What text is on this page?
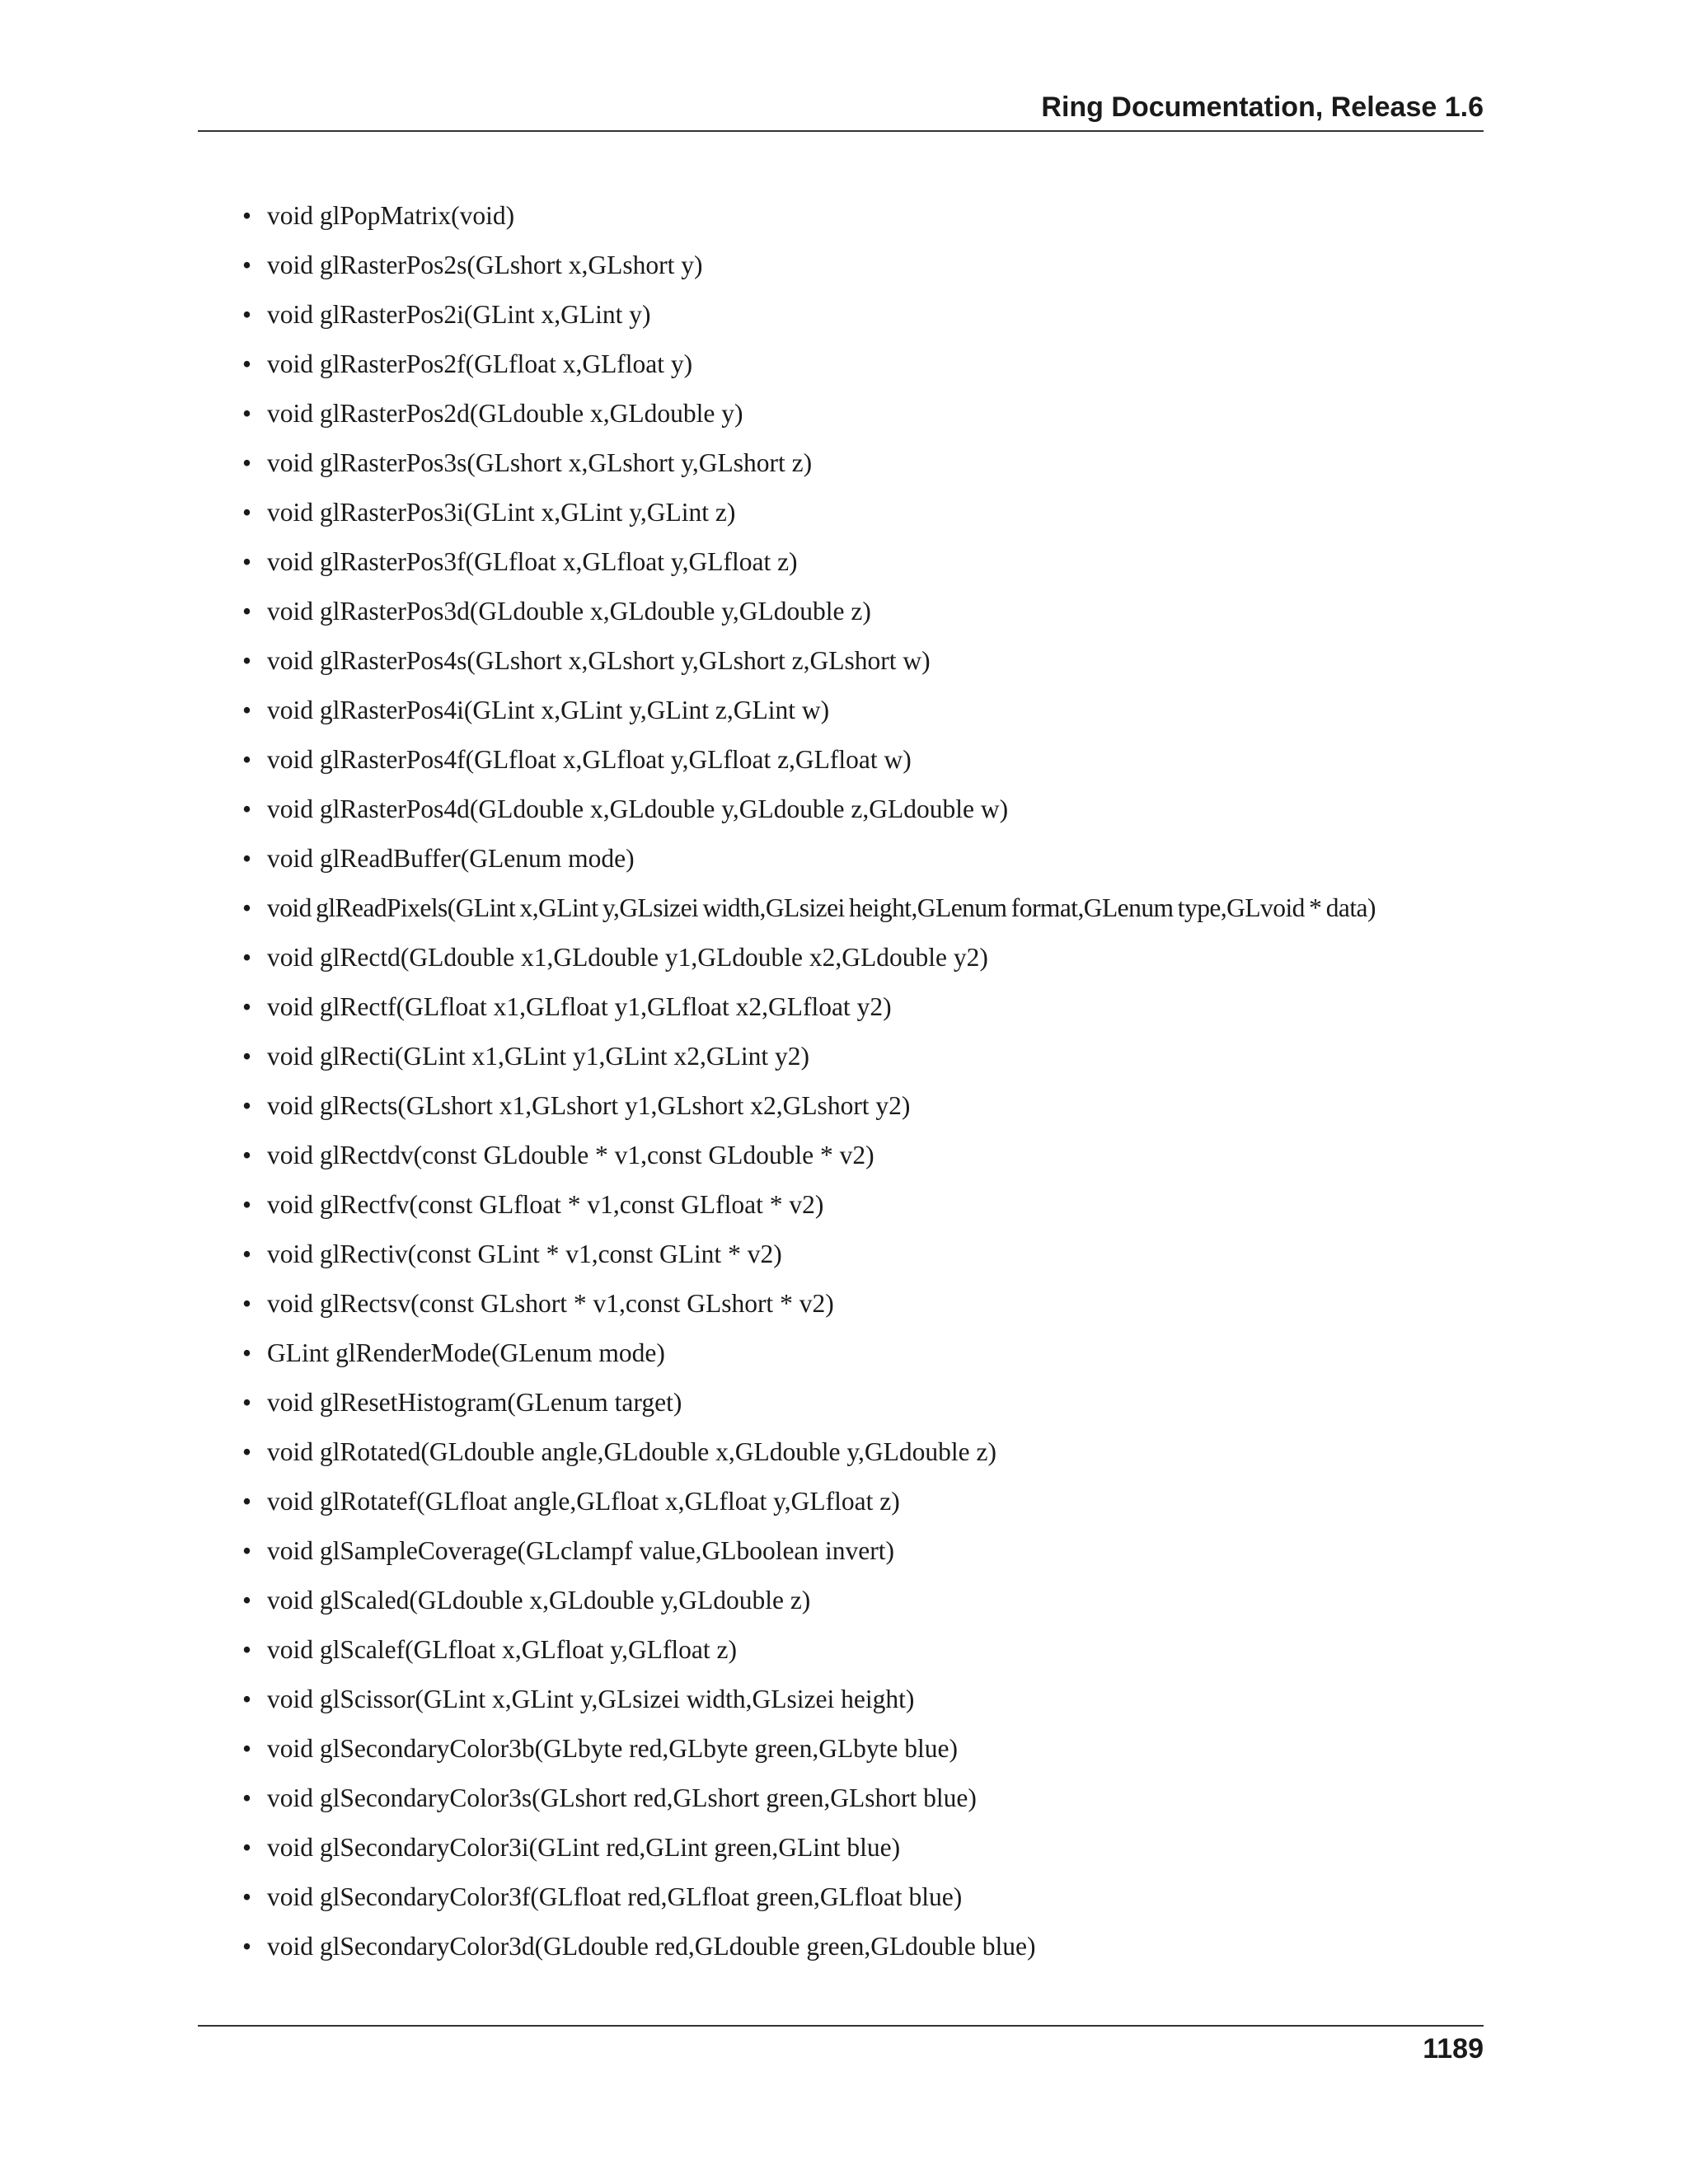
Ring Documentation, Release 1.6
• void glPopMatrix(void)
• void glRasterPos2s(GLshort x,GLshort y)
• void glRasterPos2i(GLint x,GLint y)
• void glRasterPos2f(GLfloat x,GLfloat y)
• void glRasterPos2d(GLdouble x,GLdouble y)
• void glRasterPos3s(GLshort x,GLshort y,GLshort z)
• void glRasterPos3i(GLint x,GLint y,GLint z)
• void glRasterPos3f(GLfloat x,GLfloat y,GLfloat z)
• void glRasterPos3d(GLdouble x,GLdouble y,GLdouble z)
• void glRasterPos4s(GLshort x,GLshort y,GLshort z,GLshort w)
• void glRasterPos4i(GLint x,GLint y,GLint z,GLint w)
• void glRasterPos4f(GLfloat x,GLfloat y,GLfloat z,GLfloat w)
• void glRasterPos4d(GLdouble x,GLdouble y,GLdouble z,GLdouble w)
• void glReadBuffer(GLenum mode)
• void glReadPixels(GLint x,GLint y,GLsizei width,GLsizei height,GLenum format,GLenum type,GLvoid * data)
• void glRectd(GLdouble x1,GLdouble y1,GLdouble x2,GLdouble y2)
• void glRectf(GLfloat x1,GLfloat y1,GLfloat x2,GLfloat y2)
• void glRecti(GLint x1,GLint y1,GLint x2,GLint y2)
• void glRects(GLshort x1,GLshort y1,GLshort x2,GLshort y2)
• void glRectdv(const GLdouble * v1,const GLdouble * v2)
• void glRectfv(const GLfloat * v1,const GLfloat * v2)
• void glRectiv(const GLint * v1,const GLint * v2)
• void glRectsv(const GLshort * v1,const GLshort * v2)
• GLint glRenderMode(GLenum mode)
• void glResetHistogram(GLenum target)
• void glRotated(GLdouble angle,GLdouble x,GLdouble y,GLdouble z)
• void glRotatef(GLfloat angle,GLfloat x,GLfloat y,GLfloat z)
• void glSampleCoverage(GLclampf value,GLboolean invert)
• void glScaled(GLdouble x,GLdouble y,GLdouble z)
• void glScalef(GLfloat x,GLfloat y,GLfloat z)
• void glScissor(GLint x,GLint y,GLsizei width,GLsizei height)
• void glSecondaryColor3b(GLbyte red,GLbyte green,GLbyte blue)
• void glSecondaryColor3s(GLshort red,GLshort green,GLshort blue)
• void glSecondaryColor3i(GLint red,GLint green,GLint blue)
• void glSecondaryColor3f(GLfloat red,GLfloat green,GLfloat blue)
• void glSecondaryColor3d(GLdouble red,GLdouble green,GLdouble blue)
1189
